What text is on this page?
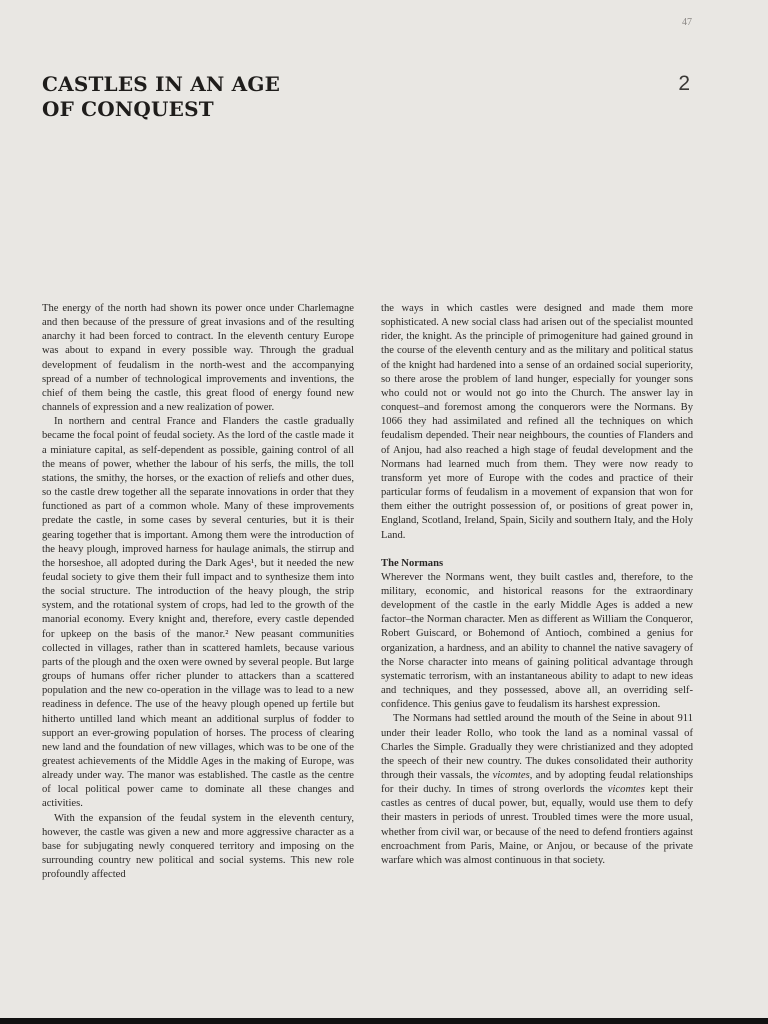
47
CASTLES IN AN AGE
OF CONQUEST
2

The energy of the north had shown its power once under Charlemagne and then because of the pressure of great invasions and of the resulting anarchy it had been forced to contract. In the eleventh century Europe was about to expand in every possible way. Through the gradual development of feudalism in the north-west and the accompanying spread of a number of technological improvements and inventions, the chief of them being the castle, this great flood of energy found new channels of expression and a new realization of power.

In northern and central France and Flanders the castle gradually became the focal point of feudal society. As the lord of the castle made it a miniature capital, as self-dependent as possible, gaining control of all the means of power, whether the labour of his serfs, the mills, the toll stations, the smithy, the horses, or the exaction of reliefs and other dues, so the castle drew together all the separate innovations in order that they functioned as part of a common whole. Many of these improvements predate the castle, in some cases by several centuries, but it is their gearing together that is important. Among them were the introduction of the heavy plough, improved harness for haulage animals, the stirrup and the horseshoe, all adopted during the Dark Ages¹, but it needed the new feudal society to give them their full impact and to synthesize them into the social structure. The introduction of the heavy plough, the strip system, and the rotational system of crops, had led to the growth of the manorial economy. Every knight and, therefore, every castle depended for upkeep on the basis of the manor.² New peasant communities collected in villages, rather than in scattered hamlets, because various parts of the plough and the oxen were owned by several people. But large groups of humans offer richer plunder to attackers than a scattered population and the new co-operation in the village was to lead to a new readiness in defence. The use of the heavy plough opened up fertile but hitherto untilled land which meant an additional surplus of fodder to support an ever-growing population of horses. The process of clearing new land and the foundation of new villages, which was to be one of the greatest achievements of the Middle Ages in the making of Europe, was already under way. The manor was established. The castle as the centre of local political power came to dominate all these changes and activities.

With the expansion of the feudal system in the eleventh century, however, the castle was given a new and more aggressive character as a base for subjugating newly conquered territory and imposing on the surrounding country new political and social systems. This new role profoundly affected

the ways in which castles were designed and made them more sophisticated. A new social class had arisen out of the specialist mounted rider, the knight. As the principle of primogeniture had gained ground in the course of the eleventh century and as the military and political status of the knight had hardened into a sense of an ordained social superiority, so there arose the problem of land hunger, especially for younger sons who could not or would not go into the Church. The answer lay in conquest–and foremost among the conquerors were the Normans. By 1066 they had assimilated and refined all the techniques on which feudalism depended. Their near neighbours, the counties of Flanders and of Anjou, had also reached a high stage of feudal development and the Normans had learned much from them. They were now ready to transform yet more of Europe with the codes and practice of their particular forms of feudalism in a movement of expansion that won for them either the outright possession of, or positions of great power in, England, Scotland, Ireland, Spain, Sicily and southern Italy, and the Holy Land.

The Normans

Wherever the Normans went, they built castles and, therefore, to the military, economic, and historical reasons for the extraordinary development of the castle in the early Middle Ages is added a new factor–the Norman character. Men as different as William the Conqueror, Robert Guiscard, or Bohemond of Antioch, combined a genius for organization, a hardness, and an ability to channel the native savagery of the Norse character into means of gaining political advantage through systematic terrorism, with an instantaneous ability to adapt to new ideas and techniques, and they possessed, above all, an overriding self-confidence. This genius gave to feudalism its harshest expression.

The Normans had settled around the mouth of the Seine in about 911 under their leader Rollo, who took the land as a nominal vassal of Charles the Simple. Gradually they were christianized and they adopted the speech of their new country. The dukes consolidated their authority through their vassals, the vicomtes, and by adopting feudal relationships for their duchy. In times of strong overlords the vicomtes kept their castles as centres of ducal power, but, equally, would use them to defy their masters in periods of unrest. Troubled times were the more usual, whether from civil war, or because of the need to defend frontiers against encroachment from Paris, Maine, or Anjou, or because of the private warfare which was almost continuous in that society.
